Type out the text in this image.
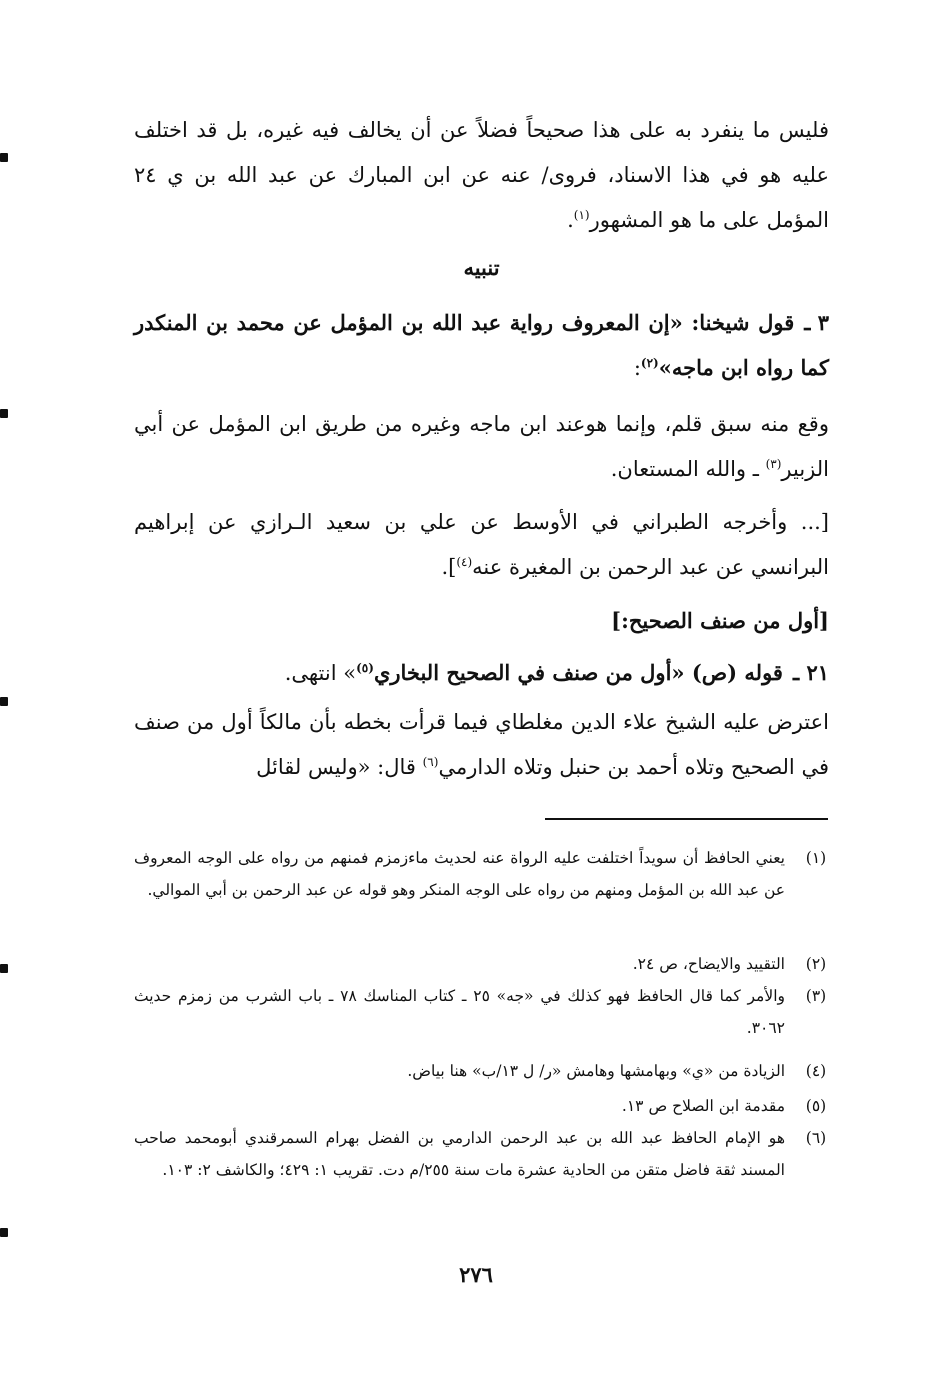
فليس ما ينفرد به على هذا صحيحاً فضلاً عن أن يخالف فيه غيره، بل قد اختلف عليه هو في هذا الاسناد، فروى/ عنه عن ابن المبارك عن عبد الله بن ي ٢٤ المؤمل على ما هو المشهور$^{(١)}$.
تنبيه
٣ ـقول شيخنا: «إن المعروف رواية عبد الله بن المؤمل عن محمد بن المنكدر كما رواه ابن ماجه»$^{(٢)}$:
وقع منه سبق قلم، وإنما هوعند ابن ماجه وغيره من طريق ابن المؤمل عن أبي الزبير$^{(٣)}$ ـ والله المستعان.
[... وأخرجه الطبراني في الأوسط عن علي بن سعيد الـرازي عن إبراهيم البرانسي عن عبد الرحمن بن المغيرة عنه$^{(٤)}$].
[أول من صنف الصحيح:]
٢١ ـقوله (ص) «أول من صنف في الصحيح البخاري$^{(٥)}$» انتهى.
اعترض عليه الشيخ علاء الدين مغلطاي فيما قرأت بخطه بأن مالكاً أول من صنف في الصحيح وتلاه أحمد بن حنبل وتلاه الدارمي$^{(٦)}$ قال: «وليس لقائل
(١)
يعني الحافظ أن سويداً اختلفت عليه الرواة عنه لحديث ماءزمزم فمنهم من رواه على الوجه المعروف عن عبد الله بن المؤمل ومنهم من رواه على الوجه المنكر وهو قوله عن عبد الرحمن بن أبي الموالي.
(٢)
التقييد والايضاح، ص ٢٤.
(٣)
والأمر كما قال الحافظ فهو كذلك في «جه» ٢٥ ـ كتاب المناسك ٧٨ ـ باب الشرب من زمزم حديث ٣٠٦٢.
(٤)
الزيادة من «ي» وبهامشها وهامش «ر/ ل ١٣/ب» هنا بياض.
(٥)
مقدمة ابن الصلاح ص ١٣.
(٦)
هو الإمام الحافظ عبد الله بن عبد الرحمن الدارمي بن الفضل بهرام السمرقندي أبومحمد صاحب المسند ثقة فاضل متقن من الحادية عشرة مات سنة ٢٥٥/م دت. تقريب ١: ٤٢٩؛ والكاشف ٢: ١٠٣.
٢٧٦
